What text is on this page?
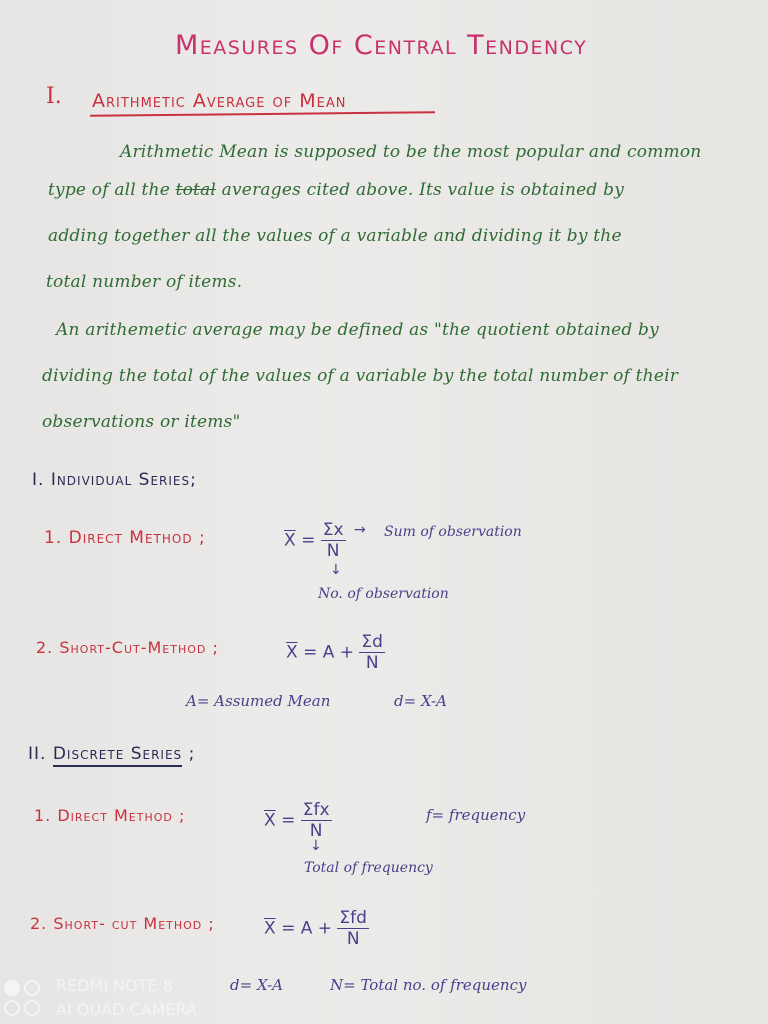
Measures Of Central Tendency
I. Arithmetic Average of Mean
Arithmetic Mean is supposed to be the most popular and common
type of all the total averages cited above. Its value is obtained by
adding together all the values of a variable and dividing it by the
total number of items.
An arithemetic average may be defined as "the quotient obtained by
dividing the total of the values of a variable by the total number of their
observations or items"
I. Individual Series;
1. Direct Method ;	$\overline{X} = \frac{\Sigma x}{N}$ → Sum of observation
↓
No. of observation
2. Short-Cut-Method ;	$\overline{X} = A + \frac{\Sigma d}{N}$
A= Assumed Mean	d= X-A
II. Discrete Series ;
1. Direct Method ;	$\overline{X} = \frac{\text{Σfx}}{N}$	f= frequency
↓
Total of frequency
2. Short- cut Method ;	$\overline{X} = A + \frac{\text{Σfd}}{N}$
d= X-A	N= Total no. of frequency
REDMI NOTE 8
AI QUAD CAMERA
